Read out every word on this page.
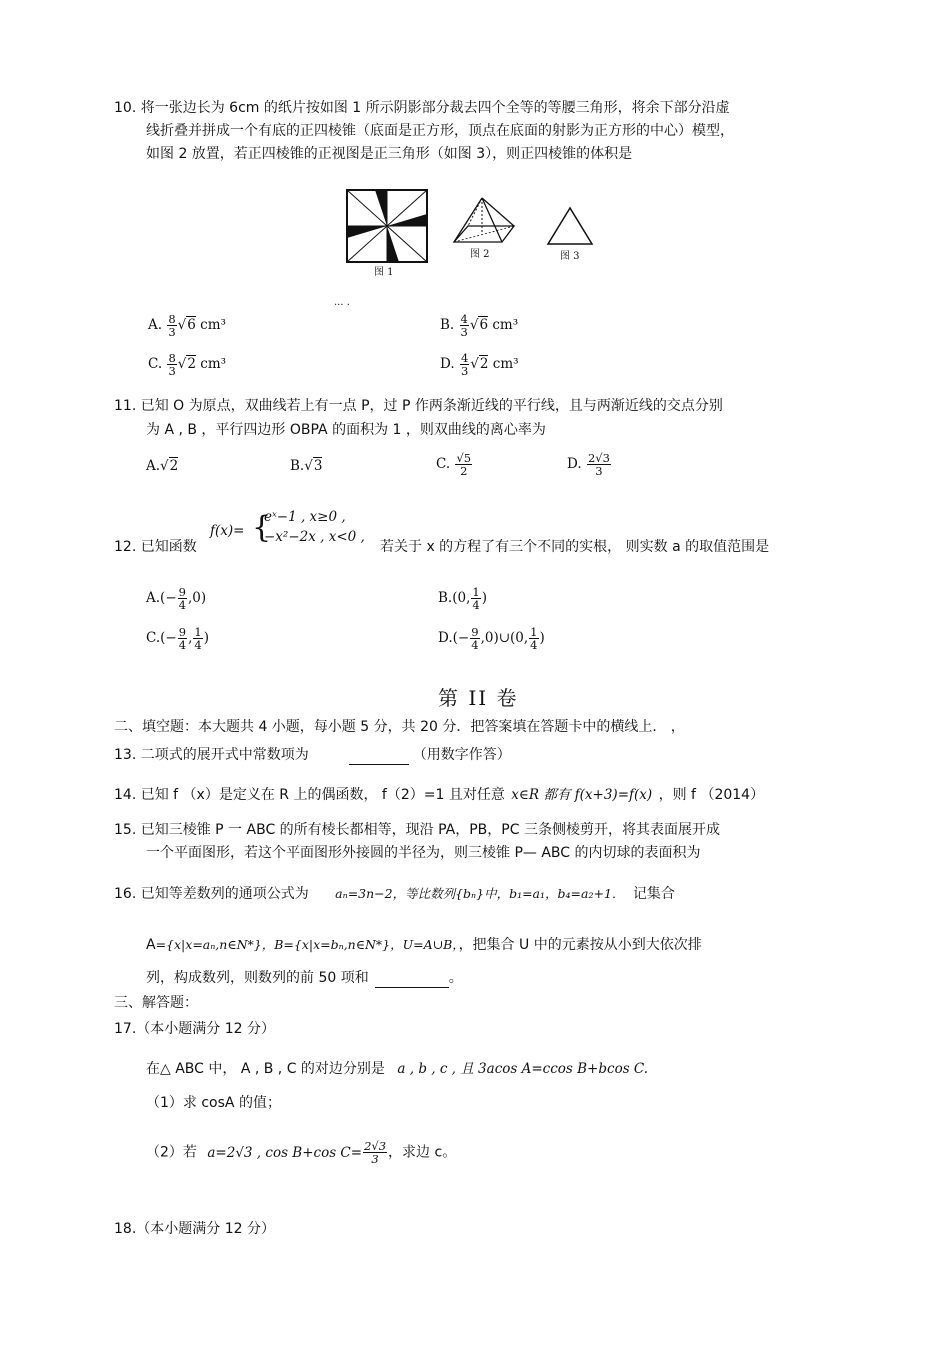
10. 将一张边长为 6cm 的纸片按如图 1 所示阴影部分裁去四个全等的等腰三角形，将余下部分沿虚
线折叠并拼成一个有底的正四棱锥（底面是正方形，顶点在底面的射影为正方形的中心）模型，
如图 2 放置，若正四棱锥的正视图是正三角形（如图 3），则正四棱锥的体积是
图 1
图 2	图 3
... .
A. $\frac{8}{3} √6$ cm³	B. $\frac{4}{3} √6$ cm³
C. $\frac{8}{3} √2$ cm³	D. $\frac{4}{3} √2$ cm³
11. 已知 O 为原点，双曲线若上有一点 P，过 P 作两条渐近线的平行线，且与两渐近线的交点分别
为 A , B ，平行四边形 OBPA 的面积为 1 ，则双曲线的离心率为
A.√2	B.√3	C. $\frac{√5}{2}$	D. $\frac{2√3}{3}$
12. 已知函数
f(x)= {
eˣ−1 , x≥0 ,
−x²−2x , x<0 ,
若关于 x 的方程了有三个不同的实根， 则实数 a 的取值范围是
$A.(- \frac{9}{4} ,0)$	B.(0, $\frac{1}{4}$ )
$C.(- \frac{9}{4}$ , $\frac{1}{4}$ )	$D.(- \frac{9}{4}$ ,0)∪(0, $\frac{1}{4}$ )
第 II 卷
二、填空题：本大题共 4 小题，每小题 5 分，共 20 分．把答案填在答题卡中的横线上． ，
13. 二项式的展开式中常数项为	（用数字作答）
14. 已知 f （x）是定义在 R 上的偶函数， f（2）=1 且对任意 x∈R 都有 f(x+3)=f(x) ，则 f （2014）
15. 已知三棱锥 P 一 ABC 的所有棱长都相等，现沿 PA，PB，PC 三条侧棱剪开，将其表面展开成
一个平面图形，若这个平面图形外接圆的半径为，则三棱锥 P— ABC 的内切球的表面积为
16. 已知等差数列的通项公式为 aₙ=3n−2，等比数列{bₙ}中，b₁=a₁，b₄=a₂+1． 记集合
A={x|x=aₙ,n∈N*}，B={x|x=bₙ,n∈N*}，U=A∪B，，把集合 U 中的元素按从小到大依次排
列，构成数列，则数列的前 50 项和	。
三、解答题：
17.（本小题满分 12 分）
在△ ABC 中， A , B , C 的对边分别是 a , b , c , 且 3acos A=ccos B+bcos C.
（1）求 cosA 的值；
（2）若 a=2√3 , cos B+cos $C= \frac{2√3}{3}$ ，求边 c。
18.（本小题满分 12 分）
